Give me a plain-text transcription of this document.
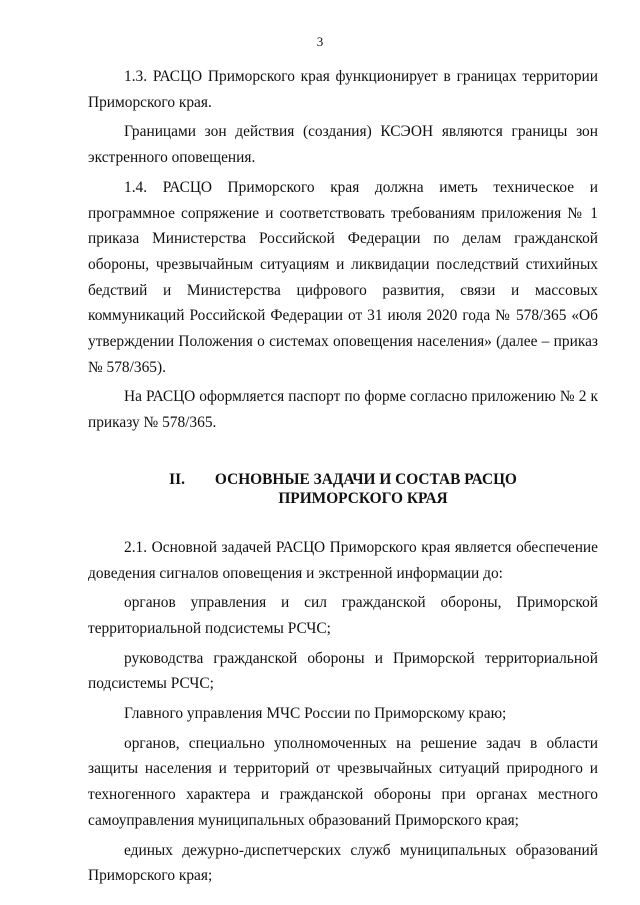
3

1.3. РАСЦО Приморского края функционирует в границах территории Приморского края.

Границами зон действия (создания) КСЭОН являются границы зон экстренного оповещения.

1.4. РАСЦО Приморского края должна иметь техническое и программное сопряжение и соответствовать требованиям приложения № 1 приказа Министерства Российской Федерации по делам гражданской обороны, чрезвычайным ситуациям и ликвидации последствий стихийных бедствий и Министерства цифрового развития, связи и массовых коммуникаций Российской Федерации от 31 июля 2020 года № 578/365 «Об утверждении Положения о системах оповещения населения» (далее – приказ № 578/365).

На РАСЦО оформляется паспорт по форме согласно приложению № 2 к приказу № 578/365.

II. ОСНОВНЫЕ ЗАДАЧИ И СОСТАВ РАСЦО
ПРИМОРСКОГО КРАЯ

2.1. Основной задачей РАСЦО Приморского края является обеспечение доведения сигналов оповещения и экстренной информации до:

органов управления и сил гражданской обороны, Приморской территориальной подсистемы РСЧС;

руководства гражданской обороны и Приморской территориальной подсистемы РСЧС;

Главного управления МЧС России по Приморскому краю;

органов, специально уполномоченных на решение задач в области защиты населения и территорий от чрезвычайных ситуаций природного и техногенного характера и гражданской обороны при органах местного самоуправления муниципальных образований Приморского края;

единых дежурно-диспетчерских служб муниципальных образований Приморского края;
